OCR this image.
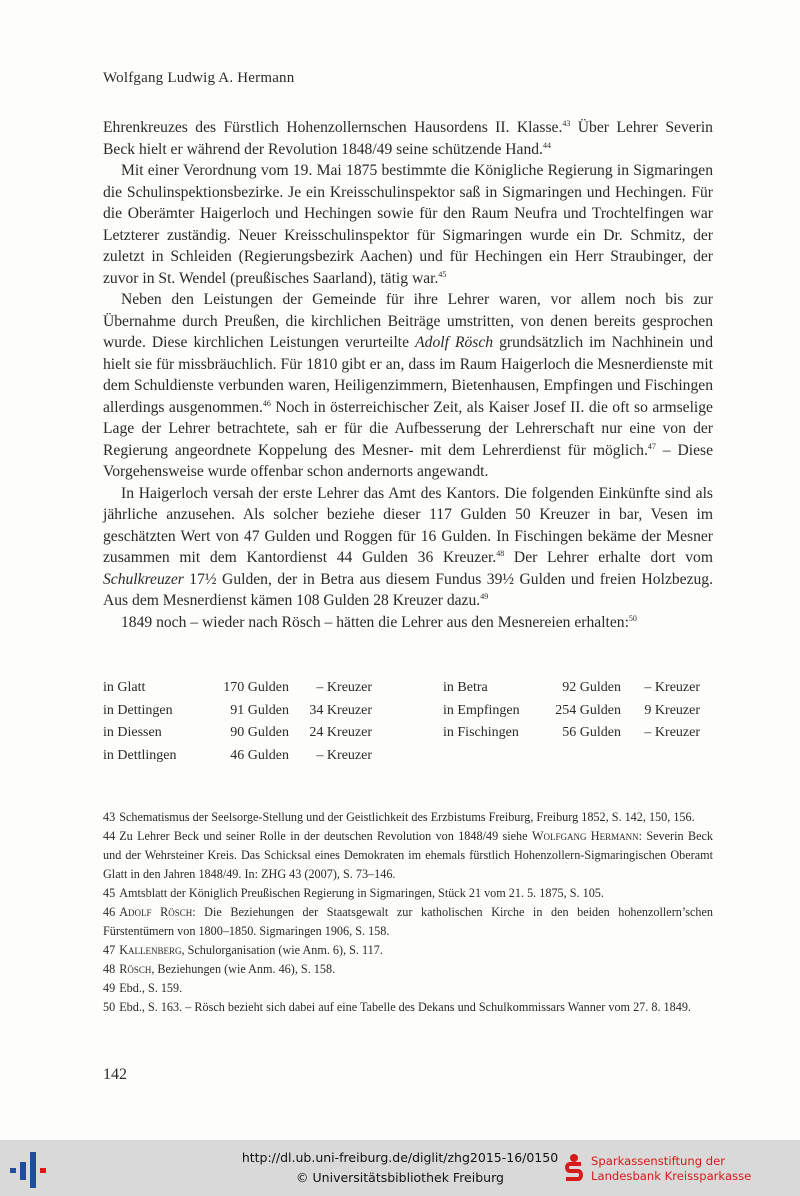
Wolfgang Ludwig A. Hermann

Ehrenkreuzes des Fürstlich Hohenzollernschen Hausordens II. Klasse.$^{43}$ Über Lehrer Severin Beck hielt er während der Revolution 1848/49 seine schützende Hand.$^{44}$

Mit einer Verordnung vom 19. Mai 1875 bestimmte die Königliche Regierung in Sigmaringen die Schulinspektionsbezirke. Je ein Kreisschulinspektor saß in Sigmaringen und Hechingen. Für die Oberämter Haigerloch und Hechingen sowie für den Raum Neufra und Trochtelfingen war Letzterer zuständig. Neuer Kreisschulinspektor für Sigmaringen wurde ein Dr. Schmitz, der zuletzt in Schleiden (Regierungsbezirk Aachen) und für Hechingen ein Herr Straubinger, der zuvor in St. Wendel (preußisches Saarland), tätig war.$^{45}$

Neben den Leistungen der Gemeinde für ihre Lehrer waren, vor allem noch bis zur Übernahme durch Preußen, die kirchlichen Beiträge umstritten, von denen bereits gesprochen wurde. Diese kirchlichen Leistungen verurteilte Adolf Rösch grundsätzlich im Nachhinein und hielt sie für missbräuchlich. Für 1810 gibt er an, dass im Raum Haigerloch die Mesnerdienste mit dem Schuldienste verbunden waren, Heiligenzimmern, Bietenhausen, Empfingen und Fischingen allerdings ausgenommen.$^{46}$ Noch in österreichischer Zeit, als Kaiser Josef II. die oft so armselige Lage der Lehrer betrachtete, sah er für die Aufbesserung der Lehrerschaft nur eine von der Regierung angeordnete Koppelung des Mesner- mit dem Lehrerdienst für möglich.$^{47}$ – Diese Vorgehensweise wurde offenbar schon andernorts angewandt.

In Haigerloch versah der erste Lehrer das Amt des Kantors. Die folgenden Einkünfte sind als jährliche anzusehen. Als solcher beziehe dieser 117 Gulden 50 Kreuzer in bar, Vesen im geschätzten Wert von 47 Gulden und Roggen für 16 Gulden. In Fischingen bekäme der Mesner zusammen mit dem Kantordienst 44 Gulden 36 Kreuzer.$^{48}$ Der Lehrer erhalte dort vom Schulkreuzer 17½ Gulden, der in Betra aus diesem Fundus 39½ Gulden und freien Holzbezug. Aus dem Mesnerdienst kämen 108 Gulden 28 Kreuzer dazu.$^{49}$

1849 noch – wieder nach Rösch – hätten die Lehrer aus den Mesnereien erhalten:$^{50}$

in Glatt	170 Gulden	– Kreuzer	in Betra	92 Gulden	– Kreuzer
in Dettingen	91 Gulden	34 Kreuzer	in Empfingen	254 Gulden	9 Kreuzer
in Diessen	90 Gulden	24 Kreuzer	in Fischingen	56 Gulden	– Kreuzer
in Dettlingen	46 Gulden	– Kreuzer

43 Schematismus der Seelsorge-Stellung und der Geistlichkeit des Erzbistums Freiburg, Freiburg 1852, S. 142, 150, 156.

44 Zu Lehrer Beck und seiner Rolle in der deutschen Revolution von 1848/49 siehe Wolfgang Hermann: Severin Beck und der Wehrsteiner Kreis. Das Schicksal eines Demokraten im ehemals fürstlich Hohenzollern-Sigmaringischen Oberamt Glatt in den Jahren 1848/49. In: ZHG 43 (2007), S. 73–146.

45 Amtsblatt der Königlich Preußischen Regierung in Sigmaringen, Stück 21 vom 21. 5. 1875, S. 105.

46 Adolf Rösch: Die Beziehungen der Staatsgewalt zur katholischen Kirche in den beiden hohenzollern’schen Fürstentümern von 1800–1850. Sigmaringen 1906, S. 158.

47 Kallenberg, Schulorganisation (wie Anm. 6), S. 117.

48 Rösch, Beziehungen (wie Anm. 46), S. 158.

49 Ebd., S. 159.

50 Ebd., S. 163. – Rösch bezieht sich dabei auf eine Tabelle des Dekans und Schulkommissars Wanner vom 27. 8. 1849.

142
http://dl.ub.uni-freiburg.de/diglit/zhg2015-16/0150
© Universitätsbibliothek Freiburg
Sparkassenstiftung der
Landesbank Kreissparkasse
